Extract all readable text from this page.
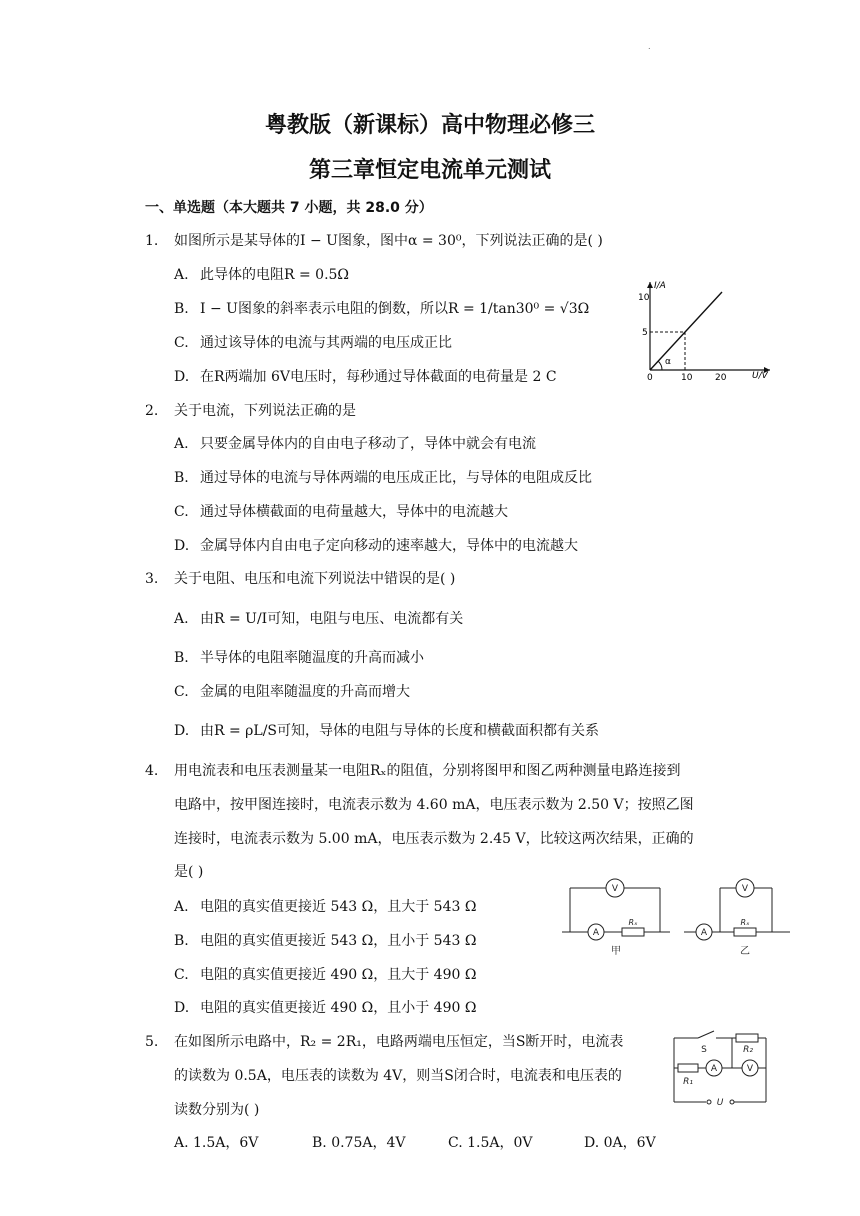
.
粤教版（新课标）高中物理必修三
第三章恒定电流单元测试
一、单选题（本大题共 7 小题，共 28.0 分）
1. 如图所示是某导体的I − U图象，图中α = 30⁰，下列说法正确的是( )
A. 此导体的电阻R = 0.5Ω
B. I − U图象的斜率表示电阻的倒数，所以R = 1/tan30⁰ = √3Ω
C. 通过该导体的电流与其两端的电压成正比
D. 在R两端加 6V电压时，每秒通过导体截面的电荷量是 2 C
α
I/A
U/V
10
5
0	10	20
2. 关于电流，下列说法正确的是
A. 只要金属导体内的自由电子移动了，导体中就会有电流
B. 通过导体的电流与导体两端的电压成正比，与导体的电阻成反比
C. 通过导体横截面的电荷量越大，导体中的电流越大
D. 金属导体内自由电子定向移动的速率越大，导体中的电流越大
3. 关于电阻、电压和电流下列说法中错误的是( )
A. 由R = U/I可知，电阻与电压、电流都有关
B. 半导体的电阻率随温度的升高而减小
C. 金属的电阻率随温度的升高而增大
D. 由R = ρL/S可知，导体的电阻与导体的长度和横截面积都有关系
4. 用电流表和电压表测量某一电阻Rₓ的阻值，分别将图甲和图乙两种测量电路连接到
电路中，按甲图连接时，电流表示数为 4.60 mA，电压表示数为 2.50 V；按照乙图
连接时，电流表示数为 5.00 mA，电压表示数为 2.45 V，比较这两次结果，正确的
是( )
A. 电阻的真实值更接近 543 Ω，且大于 543 Ω
B. 电阻的真实值更接近 543 Ω，且小于 543 Ω
C. 电阻的真实值更接近 490 Ω，且大于 490 Ω
D. 电阻的真实值更接近 490 Ω，且小于 490 Ω
V
A
Rₓ
甲
V
A
Rₓ
乙
5. 在如图所示电路中，R₂ = 2R₁，电路两端电压恒定，当S断开时，电流表
的读数为 0.5A，电压表的读数为 4V，则当S闭合时，电流表和电压表的
读数分别为( )
A. 1.5A，6V	B. 0.75A，4V	C. 1.5A，0V	D. 0A，6V
S	R₂
R₁
A	V
U
